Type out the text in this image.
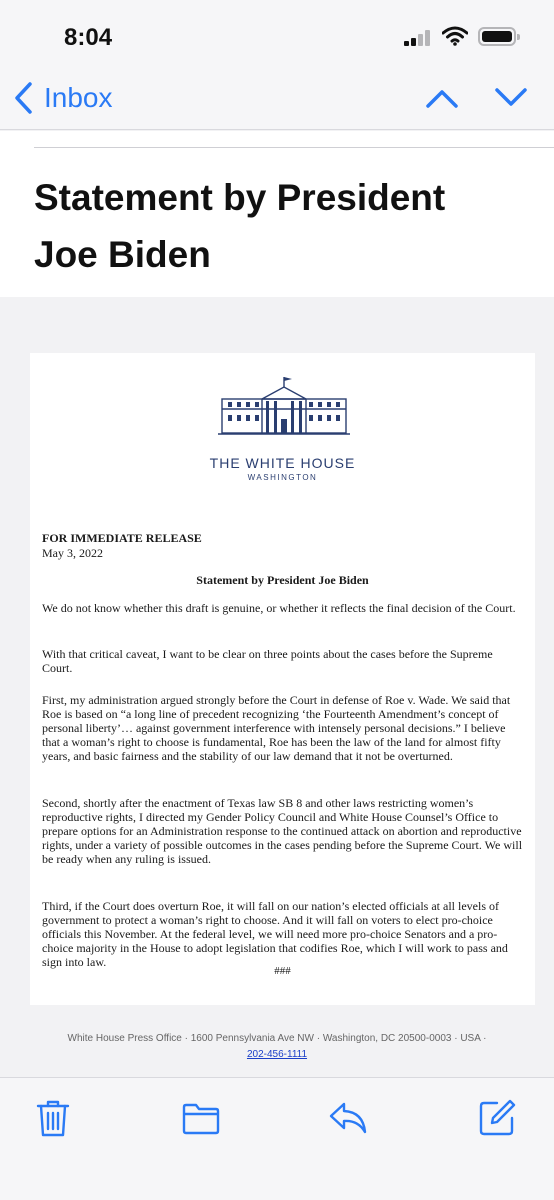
8:04
Inbox
Statement by President Joe Biden
THE WHITE HOUSE
WASHINGTON
FOR IMMEDIATE RELEASE
May 3, 2022
Statement by President Joe Biden
We do not know whether this draft is genuine, or whether it reflects the final decision of the Court.
With that critical caveat, I want to be clear on three points about the cases before the Supreme Court.
First, my administration argued strongly before the Court in defense of Roe v. Wade. We said that Roe is based on “a long line of precedent recognizing ‘the Fourteenth Amendment’s concept of personal liberty’… against government interference with intensely personal decisions.” I believe that a woman’s right to choose is fundamental, Roe has been the law of the land for almost fifty years, and basic fairness and the stability of our law demand that it not be overturned.
Second, shortly after the enactment of Texas law SB 8 and other laws restricting women’s reproductive rights, I directed my Gender Policy Council and White House Counsel’s Office to prepare options for an Administration response to the continued attack on abortion and reproductive rights, under a variety of possible outcomes in the cases pending before the Supreme Court. We will be ready when any ruling is issued.
Third, if the Court does overturn Roe, it will fall on our nation’s elected officials at all levels of government to protect a woman’s right to choose. And it will fall on voters to elect pro-choice officials this November. At the federal level, we will need more pro-choice Senators and a pro-choice majority in the House to adopt legislation that codifies Roe, which I will work to pass and sign into law.
###
White House Press Office · 1600 Pennsylvania Ave NW · Washington, DC 20500-0003 · USA ·
202-456-1111
